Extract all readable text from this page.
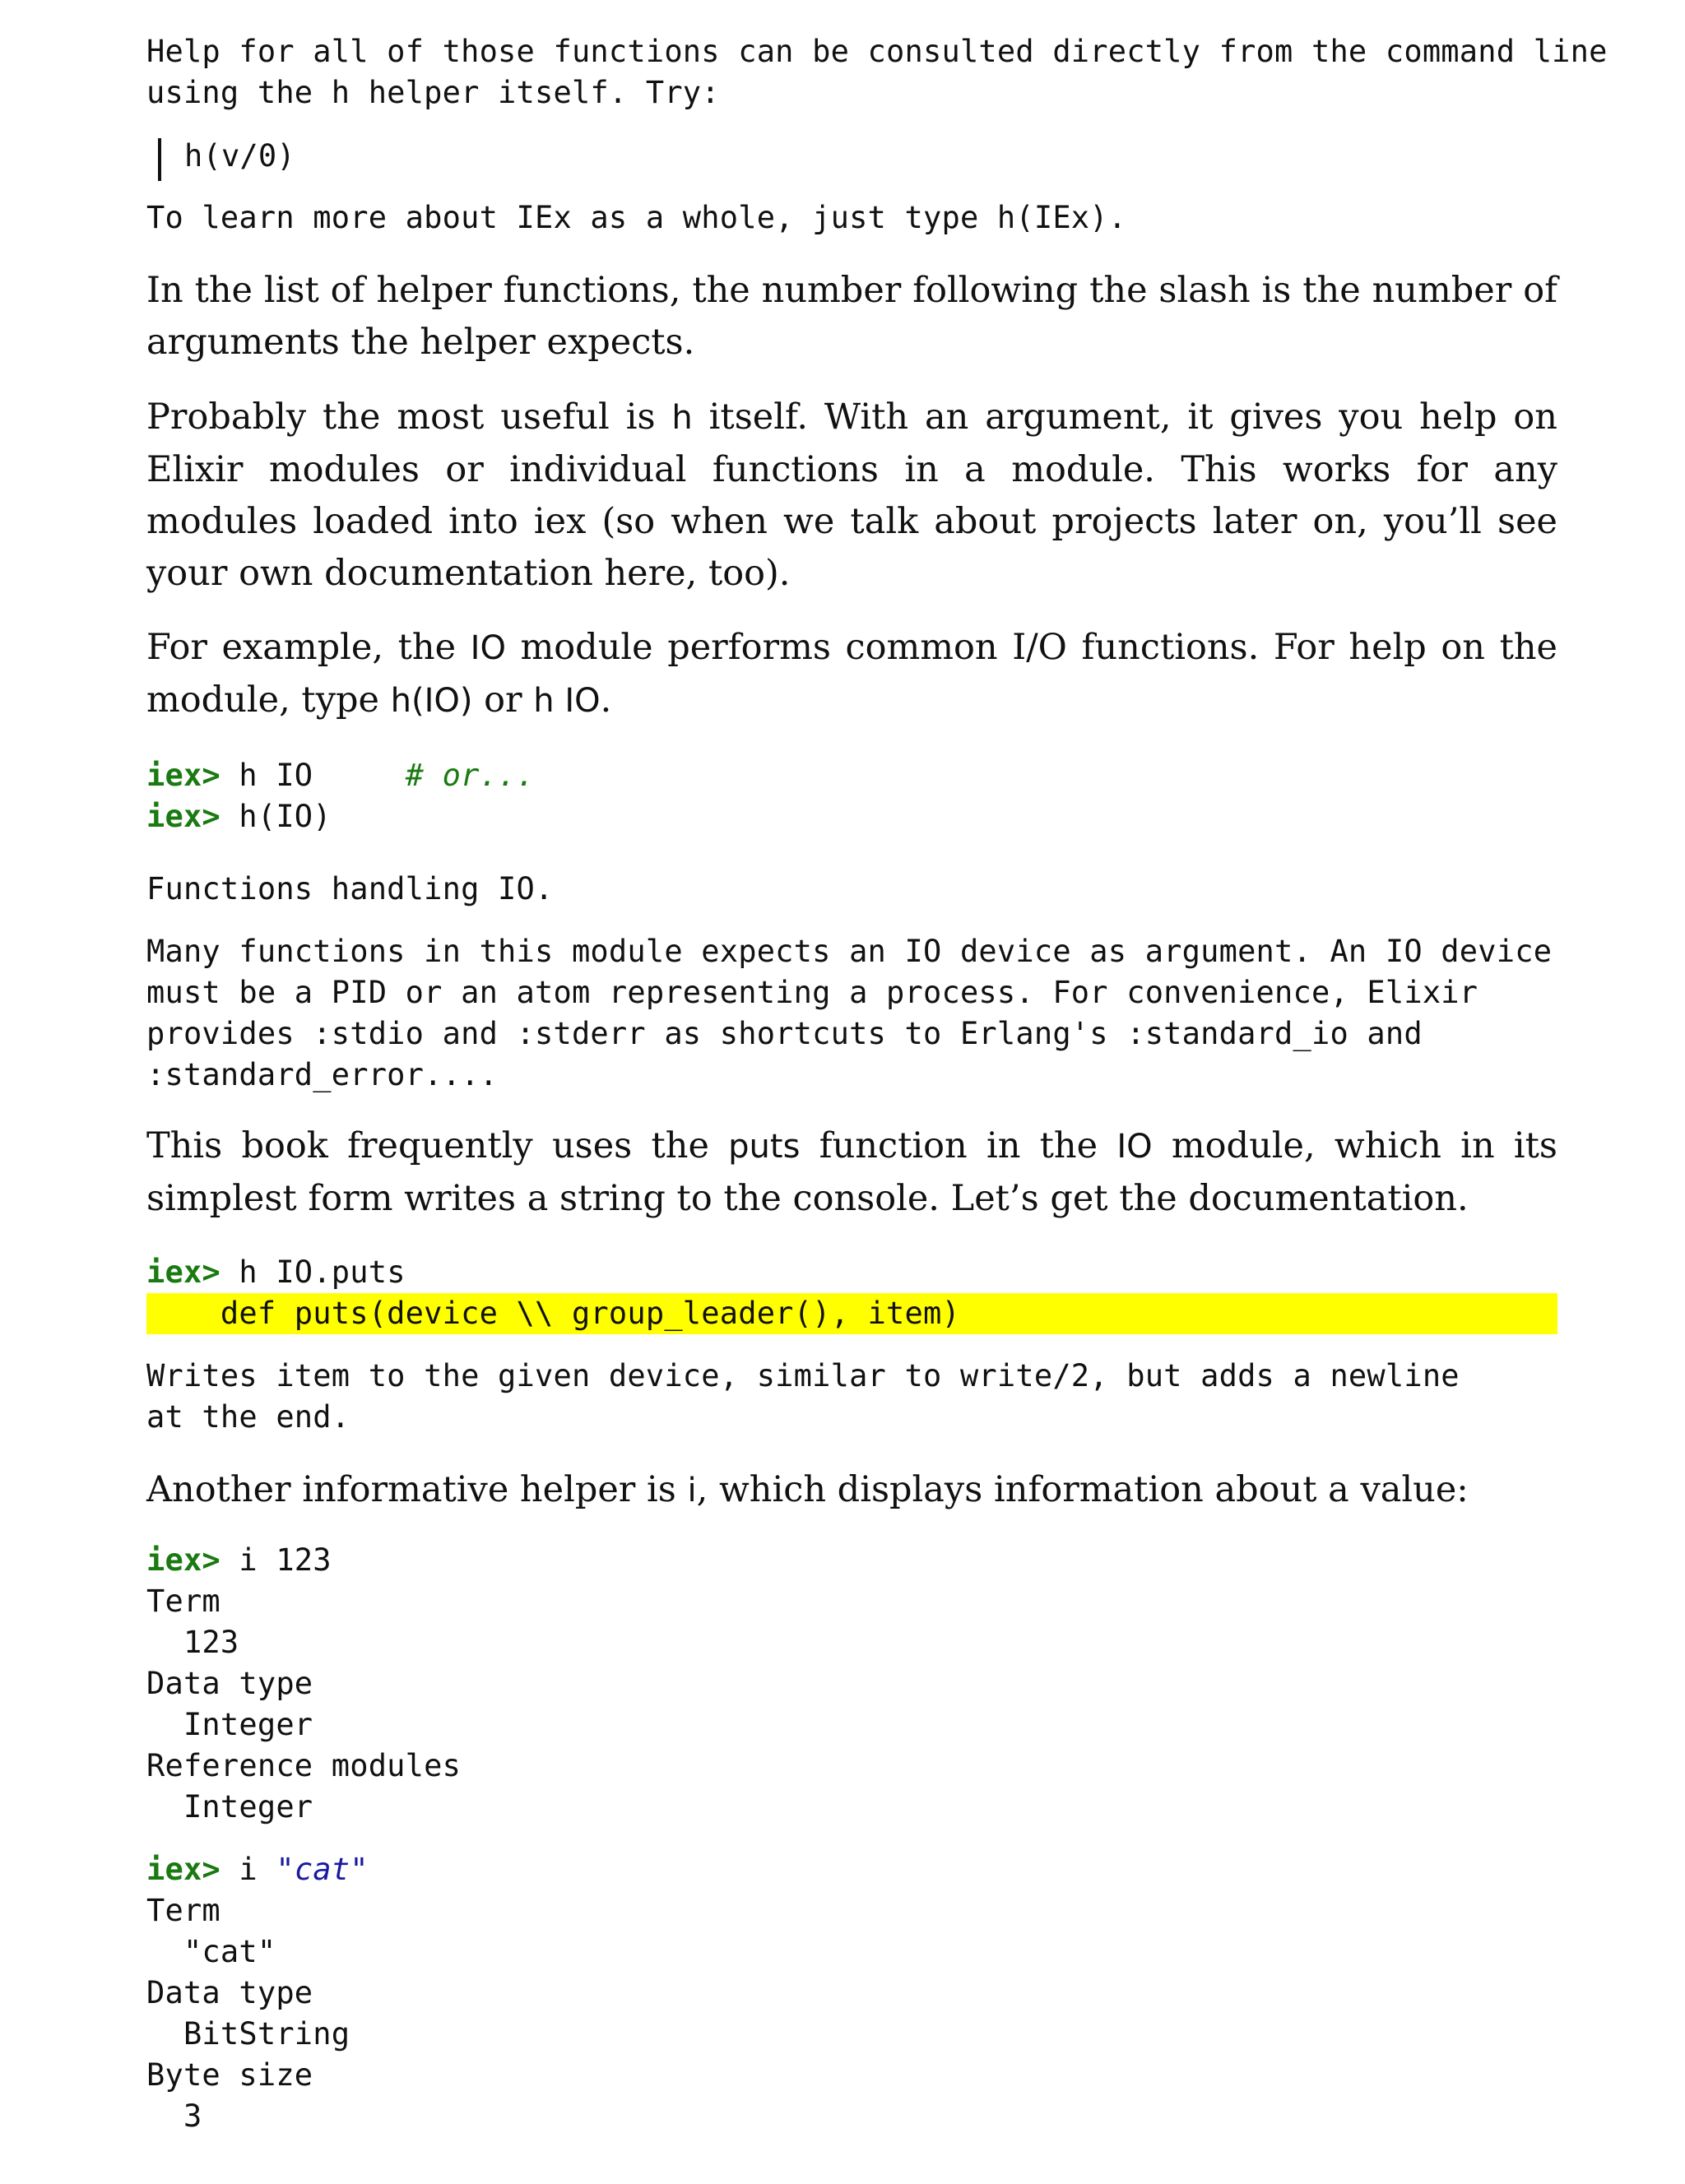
Help for all of those functions can be consulted directly from the command line
using the h helper itself. Try:
h(v/0)
To learn more about IEx as a whole, just type h(IEx).

In the list of helper functions, the number following the slash is the number of arguments the helper expects.

Probably the most useful is h itself. With an argument, it gives you help on Elixir modules or individual functions in a module. This works for any modules loaded into iex (so when we talk about projects later on, you’ll see your own documentation here, too).

For example, the IO module performs common I/O functions. For help on the module, type h(IO) or h IO.

iex> h IO     # or...
iex> h(IO)
Functions handling IO.
Many functions in this module expects an IO device as argument. An IO device
must be a PID or an atom representing a process. For convenience, Elixir
provides :stdio and :stderr as shortcuts to Erlang's :standard_io and
:standard_error....

This book frequently uses the puts function in the IO module, which in its simplest form writes a string to the console. Let’s get the documentation.

iex> h IO.puts
def puts(device \\ group_leader(), item)
Writes item to the given device, similar to write/2, but adds a newline
at the end.

Another informative helper is i, which displays information about a value:

iex> i 123
Term
123
Data type
Integer
Reference modules
Integer
iex> i "cat"
Term
"cat"
Data type
BitString
Byte size
3
